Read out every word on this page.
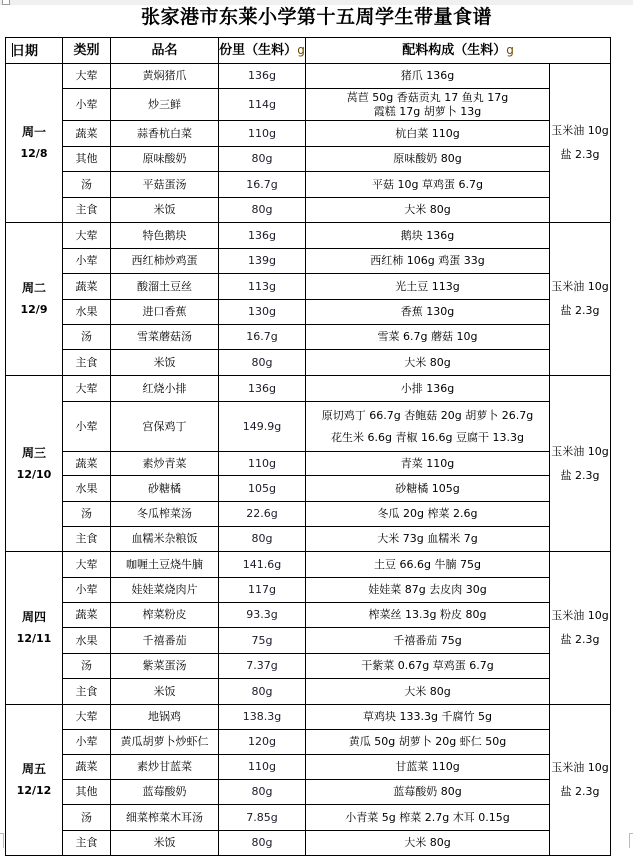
张家港市东莱小学第十五周学生带量食谱
日期	类别	品名	份里（生料）g	配料构成（生料）g	

周一
12/8	大荤	黄焖猪爪	136g	猪爪 136g	玉米油 10g
盐 2.3g

	小荤	炒三鲜	114g	莴苣 50g 香菇贡丸 17 鱼丸 17g
霞糕 17g 胡萝卜 13g	

	蔬菜	蒜香杭白菜	110g	杭白菜 110g	

	其他	原味酸奶	80g	原味酸奶 80g	

	汤	平菇蛋汤	16.7g	平菇 10g 草鸡蛋 6.7g	

	主食	米饭	80g	大米 80g	

周二
12/9	大荤	特色鹅块	136g	鹅块 136g	玉米油 10g
盐 2.3g

	小荤	西红柿炒鸡蛋	139g	西红柿 106g 鸡蛋 33g	

	蔬菜	酸溜土豆丝	113g	光土豆 113g	

	水果	进口香蕉	130g	香蕉 130g	

	汤	雪菜蘑菇汤	16.7g	雪菜 6.7g 蘑菇 10g	

	主食	米饭	80g	大米 80g	

周三
12/10	大荤	红烧小排	136g	小排 136g	玉米油 10g
盐 2.3g

	小荤	宫保鸡丁	149.9g	原切鸡丁 66.7g 杏鲍菇 20g 胡萝卜 26.7g
花生米 6.6g 青椒 16.6g 豆腐干 13.3g	

	蔬菜	素炒青菜	110g	青菜 110g	

	水果	砂糖橘	105g	砂糖橘 105g	

	汤	冬瓜榨菜汤	22.6g	冬瓜 20g 榨菜 2.6g	

	主食	血糯米杂粮饭	80g	大米 73g 血糯米 7g	

周四
12/11	大荤	咖喱土豆烧牛腩	141.6g	土豆 66.6g 牛腩 75g	玉米油 10g
盐 2.3g

	小荤	娃娃菜烧肉片	117g	娃娃菜 87g 去皮肉 30g	

	蔬菜	榨菜粉皮	93.3g	榨菜丝 13.3g 粉皮 80g	

	水果	千禧番茄	75g	千禧番茄 75g	

	汤	紫菜蛋汤	7.37g	干紫菜 0.67g 草鸡蛋 6.7g	

	主食	米饭	80g	大米 80g	

周五
12/12	大荤	地锅鸡	138.3g	草鸡块 133.3g 千腐竹 5g	玉米油 10g
盐 2.3g

	小荤	黄瓜胡萝卜炒虾仁	120g	黄瓜 50g 胡萝卜 20g 虾仁 50g	

	蔬菜	素炒甘蓝菜	110g	甘蓝菜 110g	

	其他	蓝莓酸奶	80g	蓝莓酸奶 80g	

	汤	细菜榨菜木耳汤	7.85g	小青菜 5g 榨菜 2.7g 木耳 0.15g	

	主食	米饭	80g	大米 80g	
